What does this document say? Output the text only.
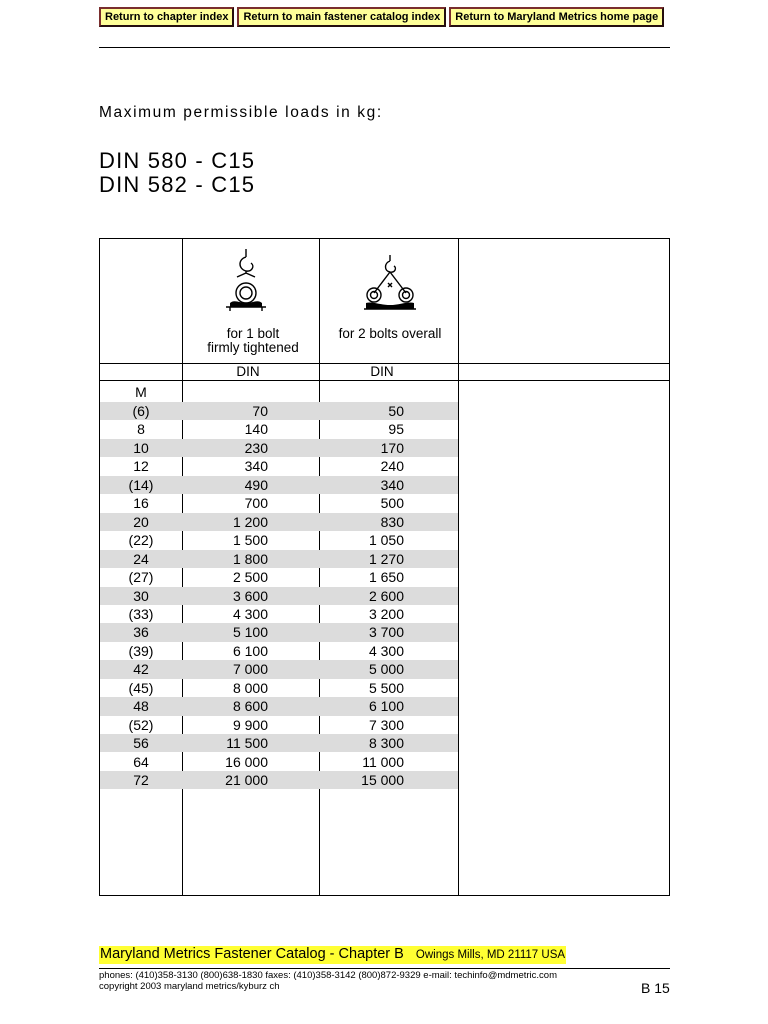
Return to chapter index	Return to main fastener catalog index	Return to Maryland Metrics home page
Maximum permissible loads in kg:
DIN 580 - C15
DIN 582 - C15
for 1 bolt
firmly tightened
for 2 bolts overall
DIN	DIN
M
(6)	70	50
8	140	95
10	230	170
12	340	240
(14)	490	340
16	700	500
20	1 200	830
(22)	1 500	1 050
24	1 800	1 270
(27)	2 500	1 650
30	3 600	2 600
(33)	4 300	3 200
36	5 100	3 700
(39)	6 100	4 300
42	7 000	5 000
(45)	8 000	5 500
48	8 600	6 100
(52)	9 900	7 300
56	11 500	8 300
64	16 000	11 000
72	21 000	15 000
Maryland Metrics Fastener Catalog - Chapter B Owings Mills, MD 21117 USA
phones: (410)358-3130 (800)638-1830 faxes: (410)358-3142 (800)872-9329 e-mail: techinfo@mdmetric.com
copyright 2003 maryland metrics/kyburz ch	B 15
